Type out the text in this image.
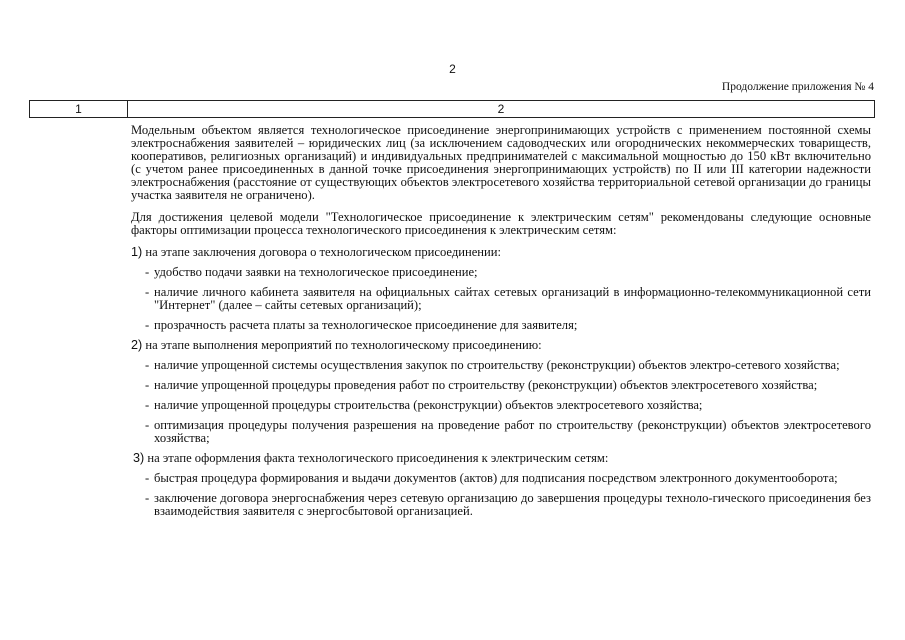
2
Продолжение приложения № 4
1	2

Модельным объектом является технологическое присоединение энергопринимающих устройств с применением постоянной схемы электроснабжения заявителей – юридических лиц (за исключением садоводческих или огороднических некоммерческих товариществ, кооперативов, религиозных организаций) и индивидуальных предпринимателей с максимальной мощностью до 150 кВт включительно (с учетом ранее присоединенных в данной точке присоединения энергопринимающих устройств) по II или III категории надежности электроснабжения (расстояние от существующих объектов электросетевого хозяйства территориальной сетевой организации до границы участка заявителя не ограничено).

Для достижения целевой модели "Технологическое присоединение к электрическим сетям" рекомендованы следующие основные факторы оптимизации процесса технологического присоединения к электрическим сетям:

1) на этапе заключения договора о технологическом присоединении:
- удобство подачи заявки на технологическое присоединение;
- наличие личного кабинета заявителя на официальных сайтах сетевых организаций в информационно-телекоммуникационной сети "Интернет" (далее – сайты сетевых организаций);
- прозрачность расчета платы за технологическое присоединение для заявителя;
2) на этапе выполнения мероприятий по технологическому присоединению:
- наличие упрощенной системы осуществления закупок по строительству (реконструкции) объектов электро-сетевого хозяйства;
- наличие упрощенной процедуры проведения работ по строительству (реконструкции) объектов электросетевого хозяйства;
- наличие упрощенной процедуры строительства (реконструкции) объектов электросетевого хозяйства;
- оптимизация процедуры получения разрешения на проведение работ по строительству (реконструкции) объектов электросетевого хозяйства;
3) на этапе оформления факта технологического присоединения к электрическим сетям:
- быстрая процедура формирования и выдачи документов (актов) для подписания посредством электронного документооборота;
- заключение договора энергоснабжения через сетевую организацию до завершения процедуры техноло-гического присоединения без взаимодействия заявителя с энергосбытовой организацией.
